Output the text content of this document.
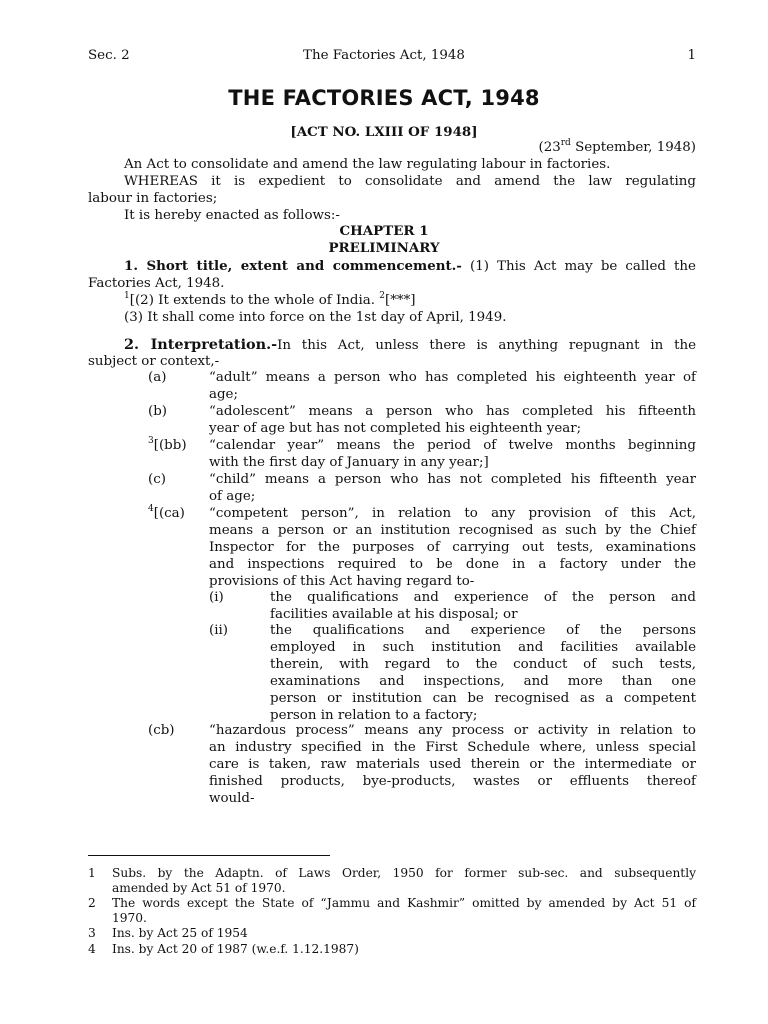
Sec. 2	The Factories Act, 1948	1
THE FACTORIES ACT, 1948
[ACT NO. LXIII OF 1948]
(23rd September, 1948)
An Act to consolidate and amend the law regulating labour in factories.
WHEREAS it is expedient to consolidate and amend the law regulating
labour in factories;
It is hereby enacted as follows:-
CHAPTER 1
PRELIMINARY
1. Short title, extent and commencement.- (1) This Act may be called the
Factories Act, 1948.
$^1$[(2) It extends to the whole of India. $^2$[***]
(3) It shall come into force on the 1st day of April, 1949.
2. Interpretation.-In this Act, unless there is anything repugnant in the
subject or context,-
(a)	“adult” means a person who has completed his eighteenth year of
age;
(b)	“adolescent” means a person who has completed his fifteenth
year of age but has not completed his eighteenth year;
$^3$[(bb) “calendar year” means the period of twelve months beginning
with the first day of January in any year;]
(c)	“child” means a person who has not completed his fifteenth year
of age;
$^4$[(ca) “competent person”, in relation to any provision of this Act,
means a person or an institution recognised as such by the Chief
Inspector for the purposes of carrying out tests, examinations
and inspections required to be done in a factory under the
provisions of this Act having regard to-
(cb)	“hazardous process” means any process or activity in relation to
an industry specified in the First Schedule where, unless special
care is taken, raw materials used therein or the intermediate or
finished products, bye-products, wastes or effluents thereof
would-
(i)	the qualifications and experience of the person and
facilities available at his disposal; or
(ii)	the qualifications and experience of the persons
employed in such institution and facilities available
therein, with regard to the conduct of such tests,
examinations and inspections, and more than one
person or institution can be recognised as a competent
person in relation to a factory;
1 Subs. by the Adaptn. of Laws Order, 1950 for former sub-sec. and subsequently
amended by Act 51 of 1970.
2 The words except the State of “Jammu and Kashmir” omitted by amended by Act 51 of
1970.
3 Ins. by Act 25 of 1954
4 Ins. by Act 20 of 1987 (w.e.f. 1.12.1987)
